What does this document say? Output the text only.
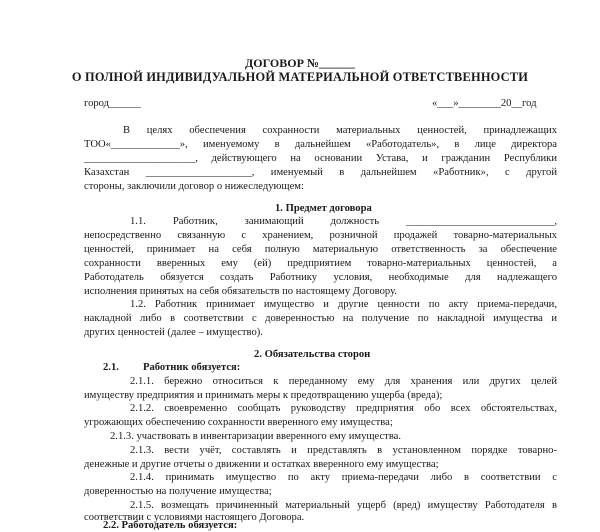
ДОГОВОР №______
О ПОЛНОЙ ИНДИВИДУАЛЬНОЙ МАТЕРИАЛЬНОЙ ОТВЕТСТВЕННОСТИ
город______	«___»________20__год
В целях обеспечения сохранности материальных ценностей, принадлежащих
ТОО«_____________», именуемому в дальнейшем «Работодатель», в лице директора
_____________________, действующего на основании Устава, и гражданин Республики
Казахстан ____________________, именуемый в дальнейшем «Работник», с другой
стороны, заключили договор о нижеследующем:
1. Предмет договора
1.1. Работник, занимающий должность ____________________________,
непосредственно связанную с хранением, розничной продажей товарно-материальных
ценностей, принимает на себя полную материальную ответственность за обеспечение
сохранности вверенных ему (ей) предприятием товарно-материальных ценностей, а
Работодатель обязуется создать Работнику условия, необходимые для надлежащего
исполнения принятых на себя обязательств по настоящему Договору.
1.2. Работник принимает имущество и другие ценности по акту приема-передачи,
накладной либо в соответствии с доверенностью на получение по накладной имущества и
других ценностей (далее – имущество).
2. Обязательства сторон
2.1. Работник обязуется:
2.1.1. бережно относиться к переданному ему для хранения или других целей
имуществу предприятия и принимать меры к предотвращению ущерба (вреда);
2.1.2. своевременно сообщать руководству предприятия обо всех обстоятельствах,
угрожающих обеспечению сохранности вверенного ему имущества;
2.1.3. участвовать в инвентаризации вверенного ему имущества.
2.1.3. вести учёт, составлять и представлять в установленном порядке товарно-
денежные и другие отчеты о движении и остатках вверенного ему имущества;
2.1.4. принимать имущество по акту приема-передачи либо в соответствии с
доверенностью на получение имущества;
2.1.5. возмещать причиненный материальный ущерб (вред) имуществу Работодателя в
соответствии с условиями настоящего Договора.
2.2. Работодатель обязуется:
